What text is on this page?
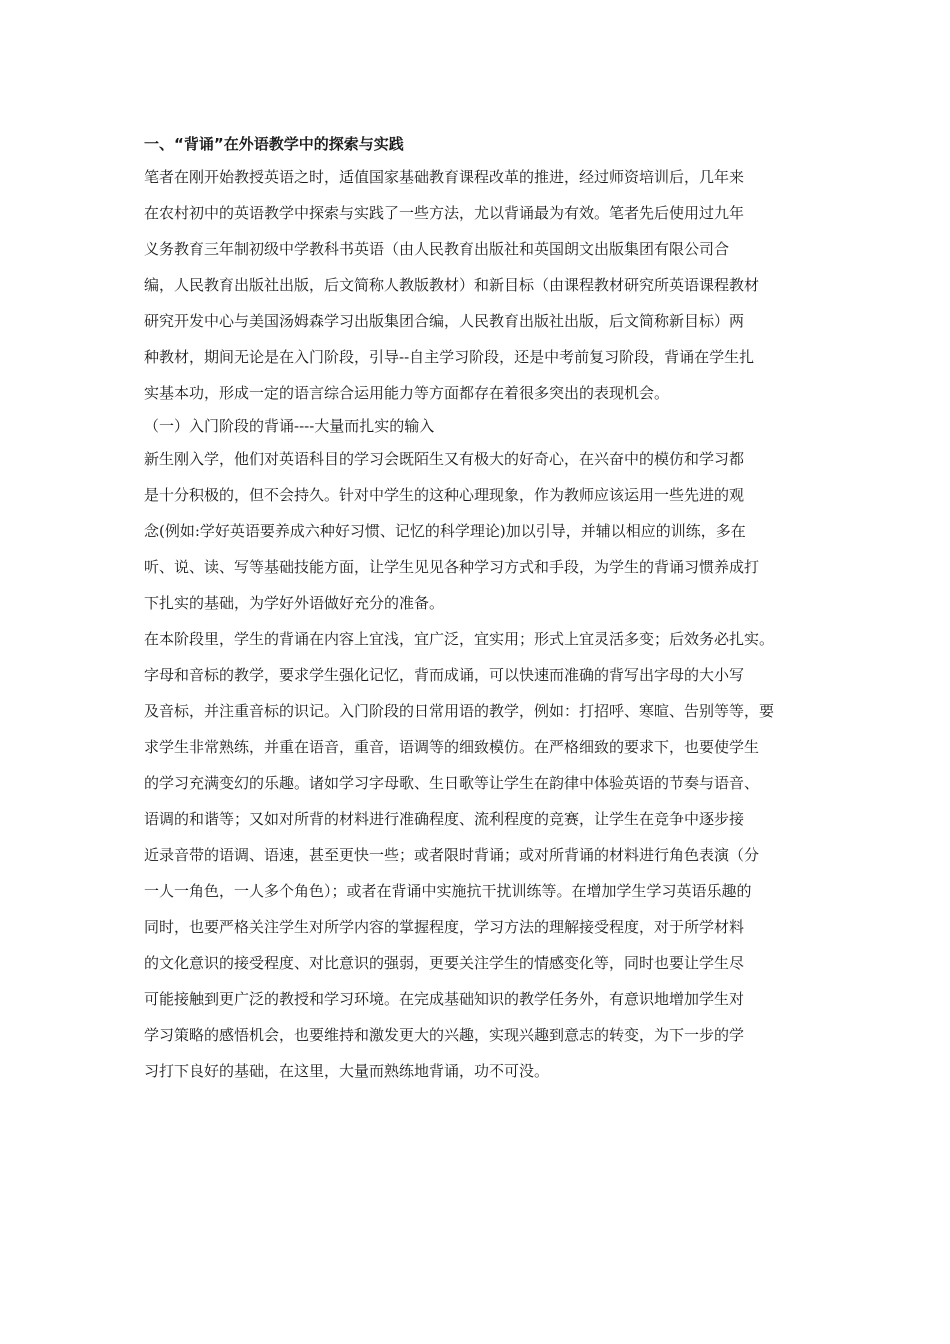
一、“背诵”在外语教学中的探索与实践
笔者在刚开始教授英语之时，适值国家基础教育课程改革的推进，经过师资培训后，几年来
在农村初中的英语教学中探索与实践了一些方法，尤以背诵最为有效。笔者先后使用过九年
义务教育三年制初级中学教科书英语（由人民教育出版社和英国朗文出版集团有限公司合
编，人民教育出版社出版，后文简称人教版教材）和新目标（由课程教材研究所英语课程教材
研究开发中心与美国汤姆森学习出版集团合编，人民教育出版社出版，后文简称新目标）两
种教材，期间无论是在入门阶段，引导--自主学习阶段，还是中考前复习阶段，背诵在学生扎
实基本功，形成一定的语言综合运用能力等方面都存在着很多突出的表现机会。
（一）入门阶段的背诵----大量而扎实的输入
新生刚入学，他们对英语科目的学习会既陌生又有极大的好奇心，在兴奋中的模仿和学习都
是十分积极的，但不会持久。针对中学生的这种心理现象，作为教师应该运用一些先进的观
念(例如:学好英语要养成六种好习惯、记忆的科学理论)加以引导，并辅以相应的训练，多在
听、说、读、写等基础技能方面，让学生见见各种学习方式和手段，为学生的背诵习惯养成打
下扎实的基础，为学好外语做好充分的准备。
在本阶段里，学生的背诵在内容上宜浅，宜广泛，宜实用；形式上宜灵活多变；后效务必扎实。
字母和音标的教学，要求学生强化记忆，背而成诵，可以快速而准确的背写出字母的大小写
及音标，并注重音标的识记。入门阶段的日常用语的教学，例如：打招呼、寒暄、告别等等，要
求学生非常熟练，并重在语音，重音，语调等的细致模仿。在严格细致的要求下，也要使学生
的学习充满变幻的乐趣。诸如学习字母歌、生日歌等让学生在韵律中体验英语的节奏与语音、
语调的和谐等；又如对所背的材料进行准确程度、流利程度的竞赛，让学生在竞争中逐步接
近录音带的语调、语速，甚至更快一些；或者限时背诵；或对所背诵的材料进行角色表演（分
一人一角色，一人多个角色）；或者在背诵中实施抗干扰训练等。在增加学生学习英语乐趣的
同时，也要严格关注学生对所学内容的掌握程度，学习方法的理解接受程度，对于所学材料
的文化意识的接受程度、对比意识的强弱，更要关注学生的情感变化等，同时也要让学生尽
可能接触到更广泛的教授和学习环境。在完成基础知识的教学任务外，有意识地增加学生对
学习策略的感悟机会，也要维持和激发更大的兴趣，实现兴趣到意志的转变，为下一步的学
习打下良好的基础，在这里，大量而熟练地背诵，功不可没。
